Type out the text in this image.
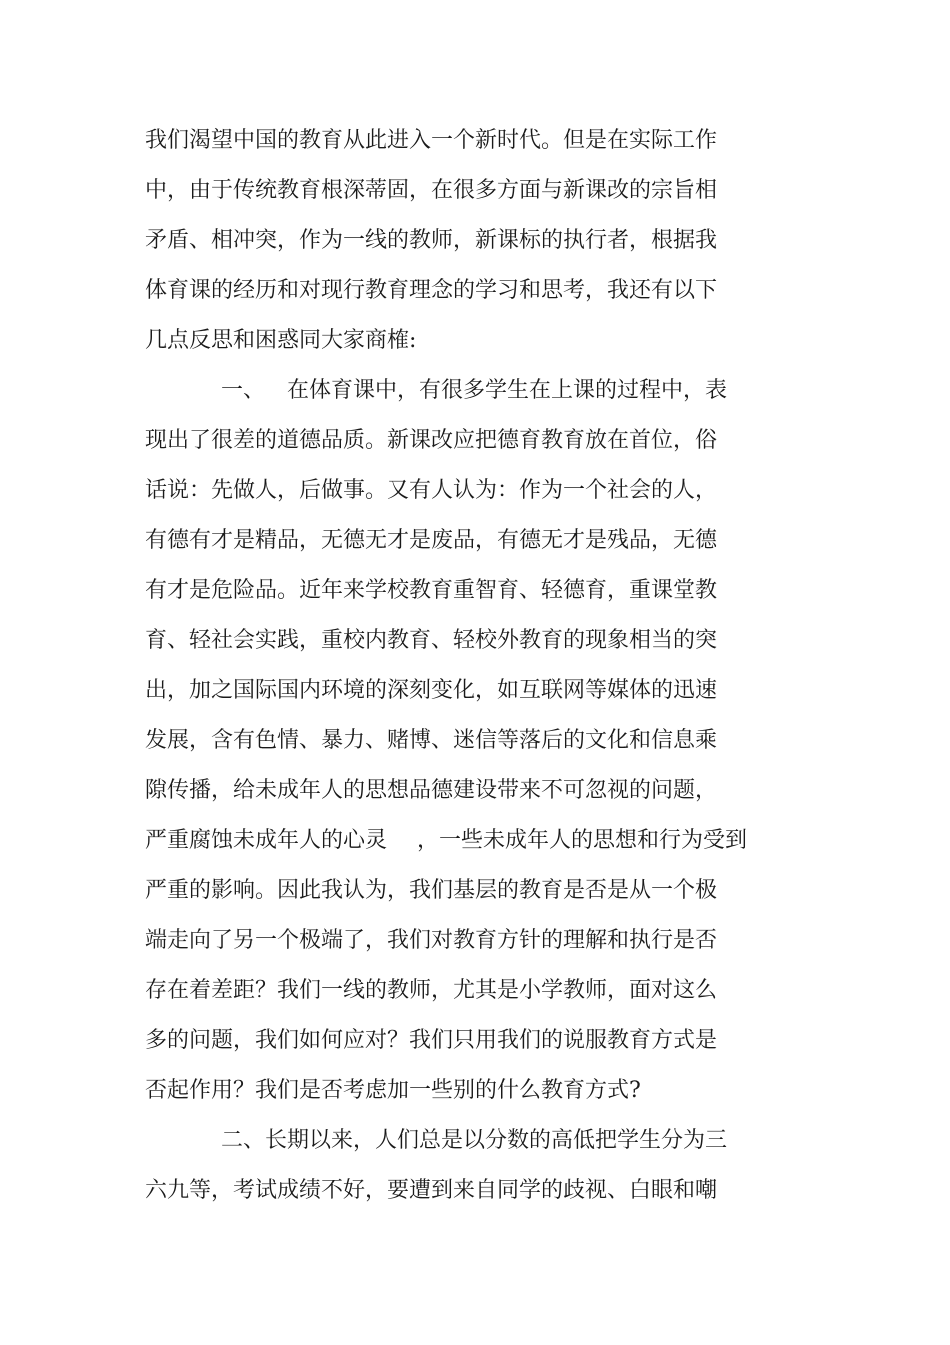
我们渴望中国的教育从此进入一个新时代。但是在实际工作
中，由于传统教育根深蒂固，在很多方面与新课改的宗旨相
矛盾、相冲突，作为一线的教师，新课标的执行者，根据我
体育课的经历和对现行教育理念的学习和思考，我还有以下
几点反思和困惑同大家商榷:
一、 在体育课中，有很多学生在上课的过程中，表
现出了很差的道德品质。新课改应把德育教育放在首位，俗
话说：先做人，后做事。又有人认为：作为一个社会的人，
有德有才是精品，无德无才是废品，有德无才是残品，无德
有才是危险品。近年来学校教育重智育、轻德育，重课堂教
育、轻社会实践，重校内教育、轻校外教育的现象相当的突
出，加之国际国内环境的深刻变化，如互联网等媒体的迅速
发展，含有色情、暴力、赌博、迷信等落后的文化和信息乘
隙传播，给未成年人的思想品德建设带来不可忽视的问题，
严重腐蚀未成年人的心灵 ，一些未成年人的思想和行为受到
严重的影响。因此我认为，我们基层的教育是否是从一个极
端走向了另一个极端了，我们对教育方针的理解和执行是否
存在着差距？我们一线的教师，尤其是小学教师，面对这么
多的问题，我们如何应对？我们只用我们的说服教育方式是
否起作用？我们是否考虑加一些别的什么教育方式?
二、长期以来，人们总是以分数的高低把学生分为三
六九等，考试成绩不好，要遭到来自同学的歧视、白眼和嘲
